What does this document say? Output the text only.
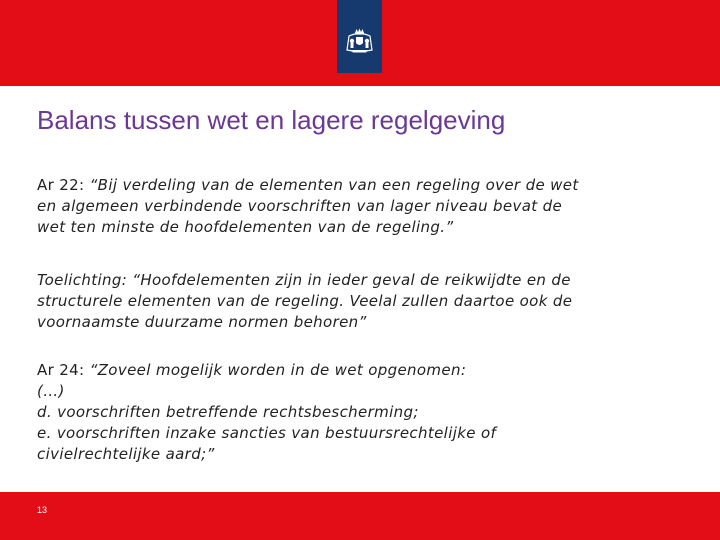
Balans tussen wet en lagere regelgeving
Ar 22: “Bij verdeling van de elementen van een regeling over de wet
en algemeen verbindende voorschriften van lager niveau bevat de
wet ten minste de hoofdelementen van de regeling.”
Toelichting: “Hoofdelementen zijn in ieder geval de reikwijdte en de
structurele elementen van de regeling. Veelal zullen daartoe ook de
voornaamste duurzame normen behoren”
Ar 24: “Zoveel mogelijk worden in de wet opgenomen:
(…)
d. voorschriften betreffende rechtsbescherming;
e. voorschriften inzake sancties van bestuursrechtelijke of
civielrechtelijke aard;”
13
